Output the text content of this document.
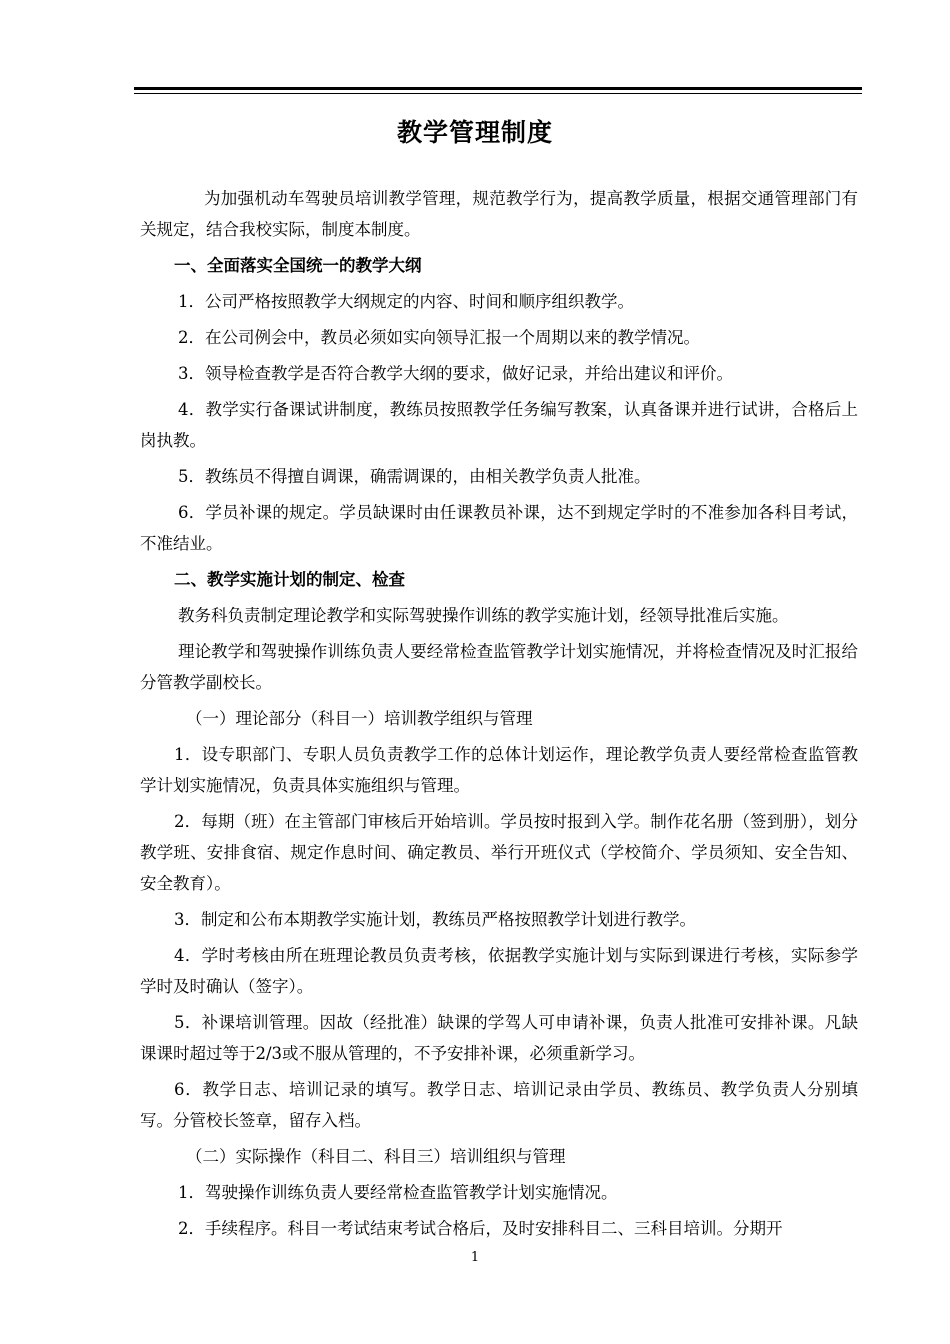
教学管理制度

为加强机动车驾驶员培训教学管理，规范教学行为，提高教学质量，根据交通管理部门有关规定，结合我校实际，制度本制度。

一、全面落实全国统一的教学大纲

1．公司严格按照教学大纲规定的内容、时间和顺序组织教学。

2．在公司例会中，教员必须如实向领导汇报一个周期以来的教学情况。

3．领导检查教学是否符合教学大纲的要求，做好记录，并给出建议和评价。

4．教学实行备课试讲制度，教练员按照教学任务编写教案，认真备课并进行试讲，合格后上岗执教。

5．教练员不得擅自调课，确需调课的，由相关教学负责人批准。

6．学员补课的规定。学员缺课时由任课教员补课，达不到规定学时的不准参加各科目考试，不准结业。

二、教学实施计划的制定、检查

教务科负责制定理论教学和实际驾驶操作训练的教学实施计划，经领导批准后实施。

理论教学和驾驶操作训练负责人要经常检查监管教学计划实施情况，并将检查情况及时汇报给分管教学副校长。

（一）理论部分（科目一）培训教学组织与管理

1．设专职部门、专职人员负责教学工作的总体计划运作，理论教学负责人要经常检查监管教学计划实施情况，负责具体实施组织与管理。

2．每期（班）在主管部门审核后开始培训。学员按时报到入学。制作花名册（签到册），划分教学班、安排食宿、规定作息时间、确定教员、举行开班仪式（学校简介、学员须知、安全告知、安全教育）。

3．制定和公布本期教学实施计划，教练员严格按照教学计划进行教学。

4．学时考核由所在班理论教员负责考核，依据教学实施计划与实际到课进行考核，实际参学学时及时确认（签字）。

5．补课培训管理。因故（经批准）缺课的学驾人可申请补课，负责人批准可安排补课。凡缺课课时超过等于2/3或不服从管理的，不予安排补课，必须重新学习。

6．教学日志、培训记录的填写。教学日志、培训记录由学员、教练员、教学负责人分别填写。分管校长签章，留存入档。

（二）实际操作（科目二、科目三）培训组织与管理

1．驾驶操作训练负责人要经常检查监管教学计划实施情况。

2．手续程序。科目一考试结束考试合格后，及时安排科目二、三科目培训。分期开

1
